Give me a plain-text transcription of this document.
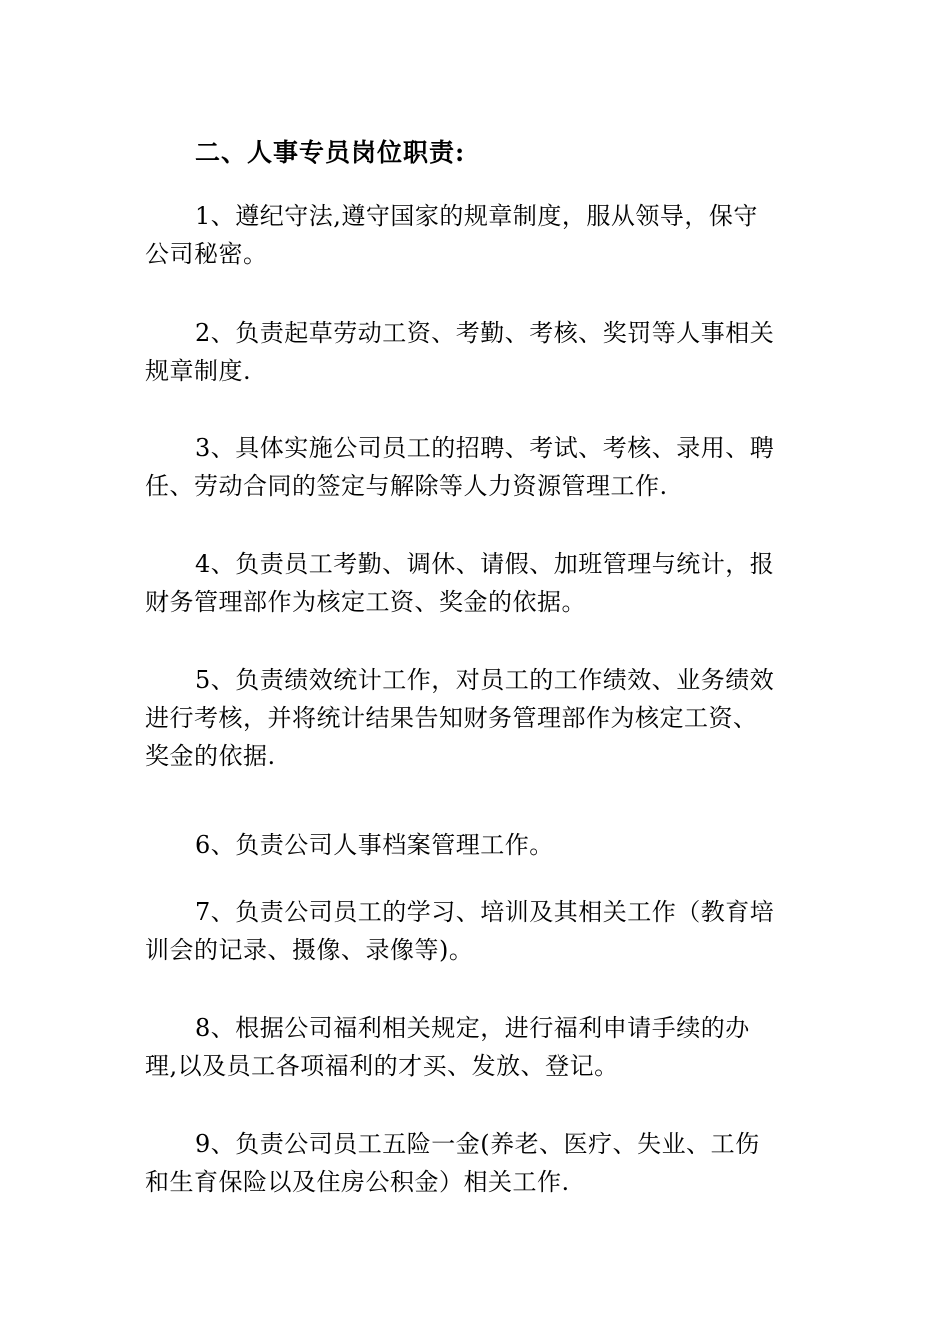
二、人事专员岗位职责:
1、遵纪守法,遵守国家的规章制度，服从领导，保守
公司秘密。
2、负责起草劳动工资、考勤、考核、奖罚等人事相关
规章制度.
3、具体实施公司员工的招聘、考试、考核、录用、聘
任、劳动合同的签定与解除等人力资源管理工作.
4、负责员工考勤、调休、请假、加班管理与统计，报
财务管理部作为核定工资、奖金的依据。
5、负责绩效统计工作，对员工的工作绩效、业务绩效
进行考核，并将统计结果告知财务管理部作为核定工资、
奖金的依据.
6、负责公司人事档案管理工作。
7、负责公司员工的学习、培训及其相关工作（教育培
训会的记录、摄像、录像等)。
8、根据公司福利相关规定，进行福利申请手续的办
理,以及员工各项福利的才买、发放、登记。
9、负责公司员工五险一金(养老、医疗、失业、工伤
和生育保险以及住房公积金）相关工作.
